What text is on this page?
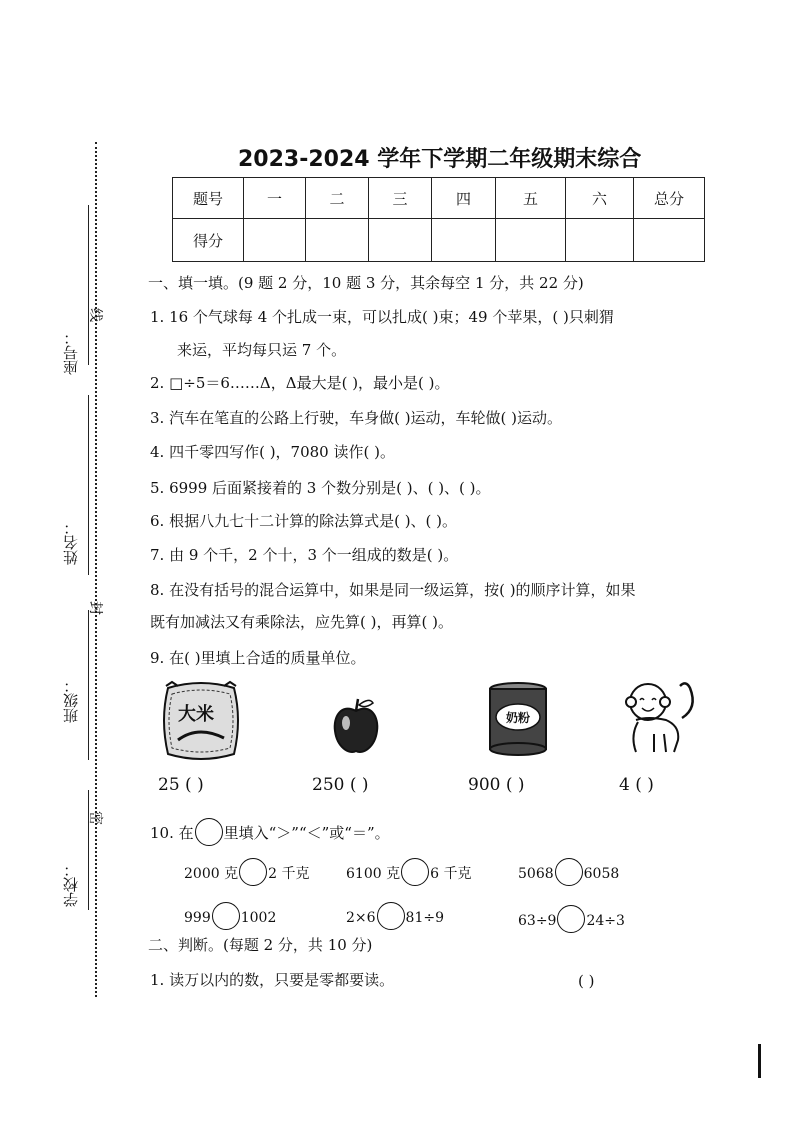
座号：
线
姓名：
封
班级：
密
学校：
2023-2024 学年下学期二年级期末综合
题号	一	二	三	四	五	六	总分
得分							
一、填一填。(9 题 2 分，10 题 3 分，其余每空 1 分，共 22 分)
1. 16 个气球每 4 个扎成一束，可以扎成( )束；49 个苹果，( )只刺猬
来运，平均每只运 7 个。
2. □÷5＝6……Δ，Δ最大是( )，最小是( )。
3. 汽车在笔直的公路上行驶，车身做( )运动，车轮做( )运动。
4. 四千零四写作( )，7080 读作( )。
5. 6999 后面紧接着的 3 个数分别是( )、( )、( )。
6. 根据八九七十二计算的除法算式是( )、( )。
7. 由 9 个千，2 个十，3 个一组成的数是( )。
8. 在没有括号的混合运算中，如果是同一级运算，按( )的顺序计算，如果
既有加减法又有乘除法，应先算( )，再算( )。
9. 在( )里填上合适的质量单位。
大米	奶粉
25 ( )	250 ( )	900 ( )	4 ( )
10. 在 里填入“＞”“＜”或“＝”。
2000 克 2 千克	6100 克 6 千克	5068 6058
999 1002	2×6 81÷9	63÷9 24÷3
二、判断。(每题 2 分，共 10 分)
1. 读万以内的数，只要是零都要读。	( )
